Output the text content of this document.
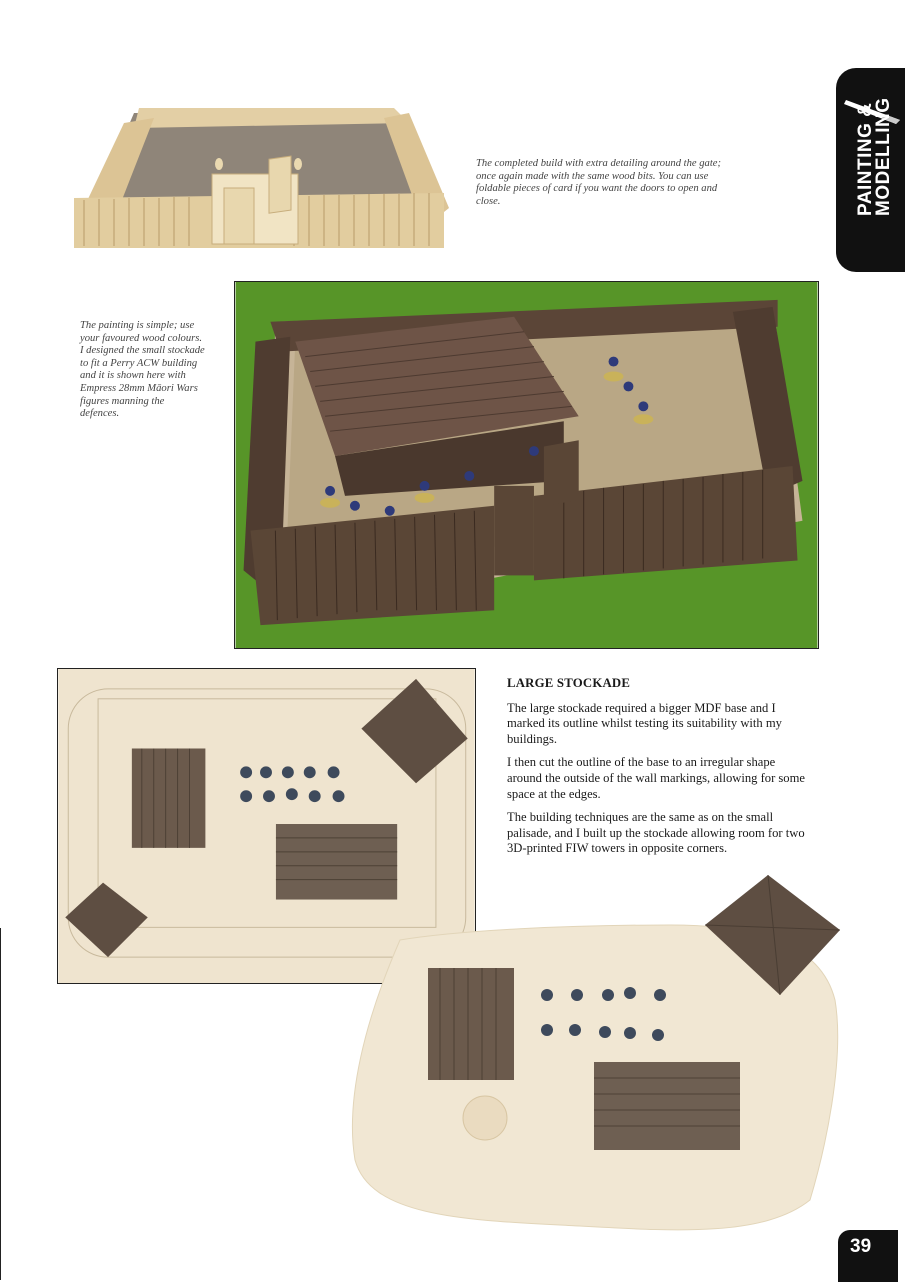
The completed build with extra detailing around the gate; once again made with the same wood bits. You can use foldable pieces of card if you want the doors to open and close.	PAINTING &
MODELLING
The painting is simple; use your favoured wood colours. I designed the small stockade to fit a Perry ACW building and it is shown here with Empress 28mm Māori Wars figures manning the defences.
LARGE STOCKADE

The large stockade required a bigger MDF base and I marked its outline whilst testing its suitability with my buildings.

I then cut the outline of the base to an irregular shape around the outside of the wall markings, allowing for some space at the edges.

The building techniques are the same as on the small palisade, and I built up the stockade allowing room for two 3D-printed FIW towers in opposite corners.

39
